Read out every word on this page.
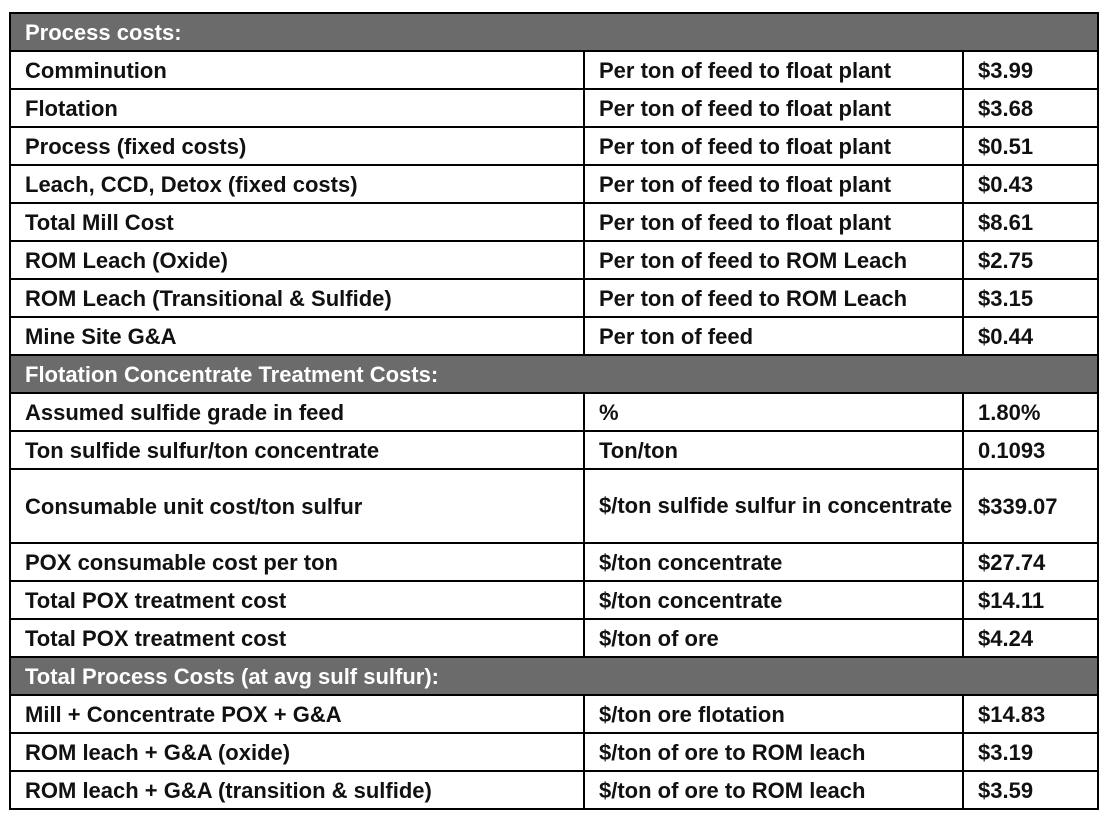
Process costs:		
Comminution	Per ton of feed to float plant	$3.99
Flotation	Per ton of feed to float plant	$3.68
Process (fixed costs)	Per ton of feed to float plant	$0.51
Leach, CCD, Detox (fixed costs)	Per ton of feed to float plant	$0.43
Total Mill Cost	Per ton of feed to float plant	$8.61
ROM Leach (Oxide)	Per ton of feed to ROM Leach	$2.75
ROM Leach (Transitional & Sulfide)	Per ton of feed to ROM Leach	$3.15
Mine Site G&A	Per ton of feed	$0.44
Flotation Concentrate Treatment Costs:		
Assumed sulfide grade in feed	%	1.80%
Ton sulfide sulfur/ton concentrate	Ton/ton	0.1093
Consumable unit cost/ton sulfur	$/ton sulfide sulfur in concentrate	$339.07
POX consumable cost per ton	$/ton concentrate	$27.74
Total POX treatment cost	$/ton concentrate	$14.11
Total POX treatment cost	$/ton of ore	$4.24
Total Process Costs (at avg sulf sulfur):		
Mill + Concentrate POX + G&A	$/ton ore flotation	$14.83
ROM leach + G&A (oxide)	$/ton of ore to ROM leach	$3.19
ROM leach + G&A (transition & sulfide)	$/ton of ore to ROM leach	$3.59
